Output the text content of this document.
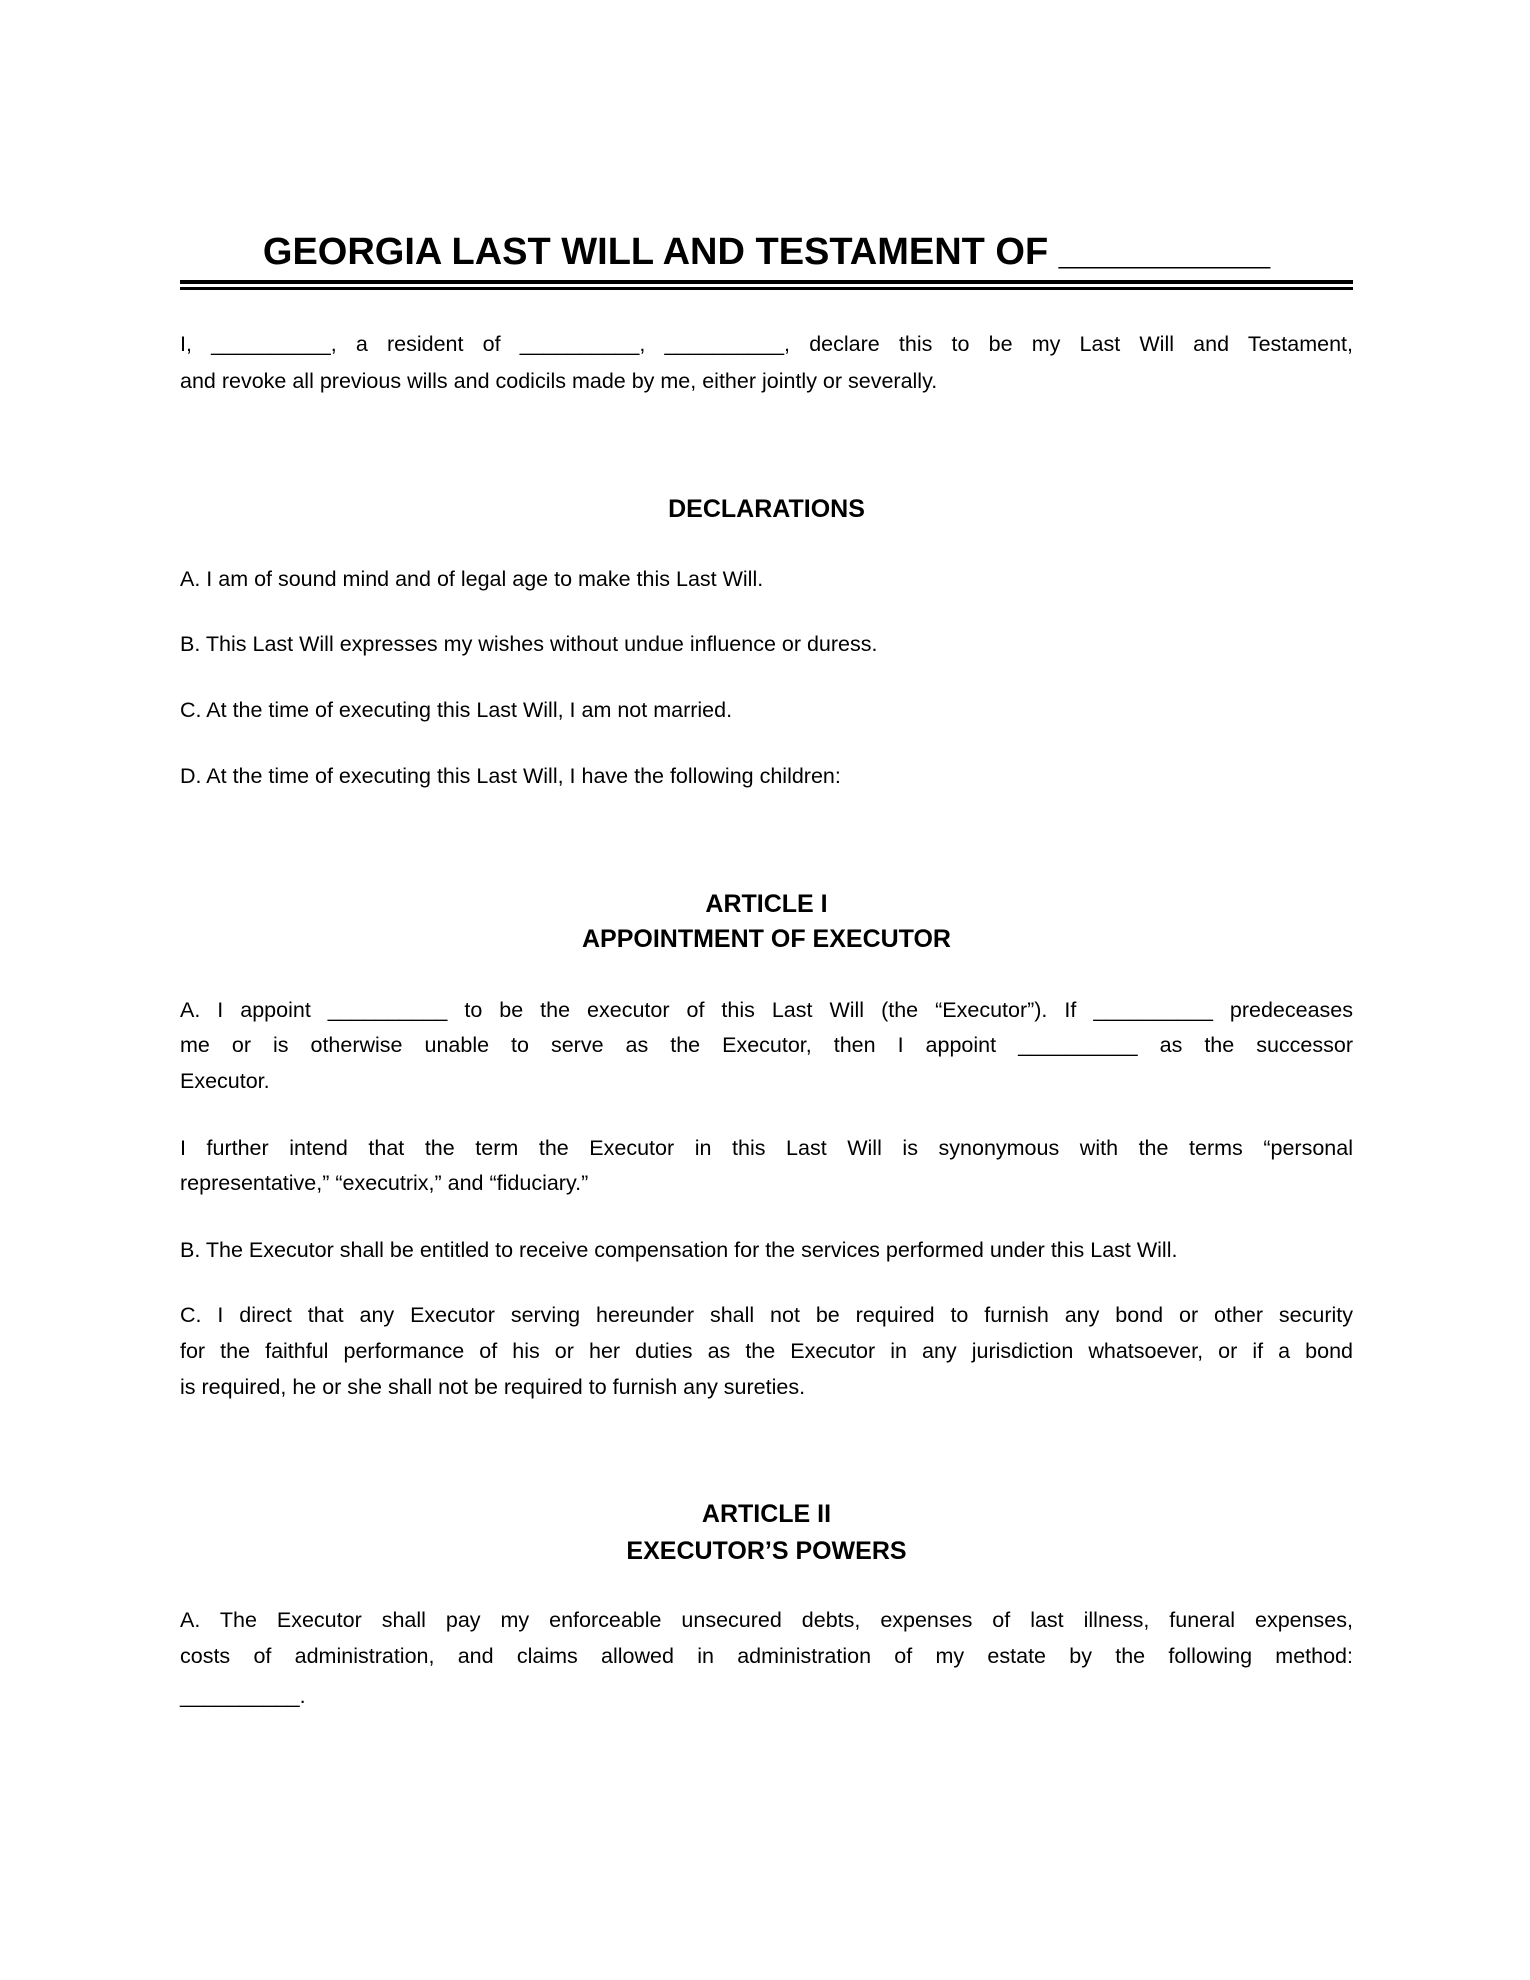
GEORGIA LAST WILL AND TESTAMENT OF __________
I, __________, a resident of __________, __________, declare this to be my Last Will and Testament,
and revoke all previous wills and codicils made by me, either jointly or severally.
DECLARATIONS
A. I am of sound mind and of legal age to make this Last Will.
B. This Last Will expresses my wishes without undue influence or duress.
C. At the time of executing this Last Will, I am not married.
D. At the time of executing this Last Will, I have the following children:
ARTICLE I
APPOINTMENT OF EXECUTOR
A. I appoint __________ to be the executor of this Last Will (the “Executor”). If __________ predeceases
me or is otherwise unable to serve as the Executor, then I appoint __________ as the successor
Executor.
I further intend that the term the Executor in this Last Will is synonymous with the terms “personal
representative,” “executrix,” and “fiduciary.”
B. The Executor shall be entitled to receive compensation for the services performed under this Last Will.
C. I direct that any Executor serving hereunder shall not be required to furnish any bond or other security
for the faithful performance of his or her duties as the Executor in any jurisdiction whatsoever, or if a bond
is required, he or she shall not be required to furnish any sureties.
ARTICLE II
EXECUTOR’S POWERS
A. The Executor shall pay my enforceable unsecured debts, expenses of last illness, funeral expenses,
costs of administration, and claims allowed in administration of my estate by the following method:
__________.
